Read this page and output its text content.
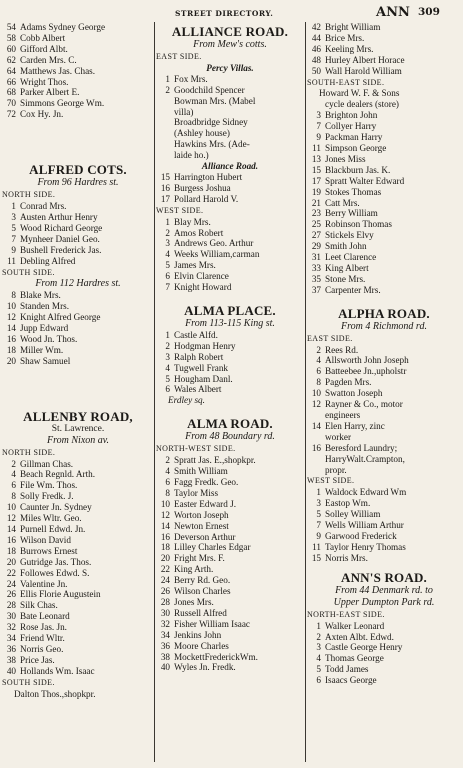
STREET DIRECTORY.	ANN 309
54 Adams Sydney George
58 Cobb Albert
60 Gifford Albt.
62 Carden Mrs. C.
64 Matthews Jas. Chas.
66 Wright Thos.
68 Parker Albert E.
70 Simmons George Wm.
72 Cox Hy. Jn.
ALFRED COTS.
From 96 Hardres st.
NORTH SIDE.
1 Conrad Mrs.
3 Austen Arthur Henry
5 Wood Richard George
7 Mynheer Daniel Geo.
9 Bushell Frederick Jas.
11 Debling Alfred
SOUTH SIDE.
From 112 Hardres st.
8 Blake Mrs.
10 Standen Mrs.
12 Knight Alfred George
14 Jupp Edward
16 Wood Jn. Thos.
18 Miller Wm.
20 Shaw Samuel
ALLENBY ROAD,
St. Lawrence.
From Nixon av.
NORTH SIDE.
2 Gillman Chas.
4 Beach Regnld. Arth.
6 File Wm. Thos.
8 Solly Fredk. J.
10 Caunter Jn. Sydney
12 Miles Wltr. Geo.
14 Purnell Edwd. Jn.
16 Wilson David
18 Burrows Ernest
20 Gutridge Jas. Thos.
22 Followes Edwd. S.
24 Valentine Jn.
26 Ellis Florie Augustein
28 Silk Chas.
30 Bate Leonard
32 Rose Jas. Jn.
34 Friend Wltr.
36 Norris Geo.
38 Price Jas.
40 Hollands Wm. Isaac
SOUTH SIDE.
Dalton Thos.,shopkpr.
ALLIANCE ROAD.
From Mew's cotts.
EAST SIDE.
Percy Villas.
1 Fox Mrs.
2 Goodchild Spencer
Bowman Mrs. (Mabel
villa)
Broadbridge Sidney
(Ashley house)
Hawkins Mrs. (Ade-
laide ho.)
Alliance Road.
15 Harrington Hubert
16 Burgess Joshua
17 Pollard Harold V.
WEST SIDE.
1 Blay Mrs.
2 Amos Robert
3 Andrews Geo. Arthur
4 Weeks William,carman
5 James Mrs.
6 Elvin Clarence
7 Knight Howard
ALMA PLACE.
From 113-115 King st.
1 Castle Alfd.
2 Hodgman Henry
3 Ralph Robert
4 Tugwell Frank
5 Hougham Danl.
6 Wales Albert
Erdley sq.
ALMA ROAD.
From 48 Boundary rd.
NORTH-WEST SIDE.
2 Spratt Jas. E.,shopkpr.
4 Smith William
6 Fagg Fredk. Geo.
8 Taylor Miss
10 Easter Edward J.
12 Worton Joseph
14 Newton Ernest
16 Deverson Arthur
18 Lilley Charles Edgar
20 Fright Mrs. F.
22 King Arth.
24 Berry Rd. Geo.
26 Wilson Charles
28 Jones Mrs.
30 Russell Alfred
32 Fisher William Isaac
34 Jenkins John
36 Moore Charles
38 MockettFrederickWm.
40 Wyles Jn. Fredk.
42 Bright William
44 Brice Mrs.
46 Keeling Mrs.
48 Hurley Albert Horace
50 Wall Harold William
SOUTH-EAST SIDE.
Howard W. F. & Sons
cycle dealers (store)
3 Brighton John
7 Collyer Harry
9 Packman Harry
11 Simpson George
13 Jones Miss
15 Blackburn Jas. K.
17 Spratt Walter Edward
19 Stokes Thomas
21 Catt Mrs.
23 Berry William
25 Robinson Thomas
27 Stickels Elvy
29 Smith John
31 Leet Clarence
33 King Albert
35 Stone Mrs.
37 Carpenter Mrs.
ALPHA ROAD.
From 4 Richmond rd.
EAST SIDE.
2 Rees Rd.
4 Allsworth John Joseph
6 Batteebee Jn.,upholstr
8 Pagden Mrs.
10 Swatton Joseph
12 Rayner & Co., motor
engineers
14 Elen Harry, zinc
worker
16 Beresford Laundry;
HarryWalt.Crampton,
propr.
WEST SIDE.
1 Waldock Edward Wm
3 Eastop Wm.
5 Solley William
7 Wells William Arthur
9 Garwood Frederick
11 Taylor Henry Thomas
15 Norris Mrs.
ANN'S ROAD.
From 44 Denmark rd. to
Upper Dumpton Park rd.
NORTH-EAST SIDE.
1 Walker Leonard
2 Axten Albt. Edwd.
3 Castle George Henry
4 Thomas George
5 Todd James
6 Isaacs George
